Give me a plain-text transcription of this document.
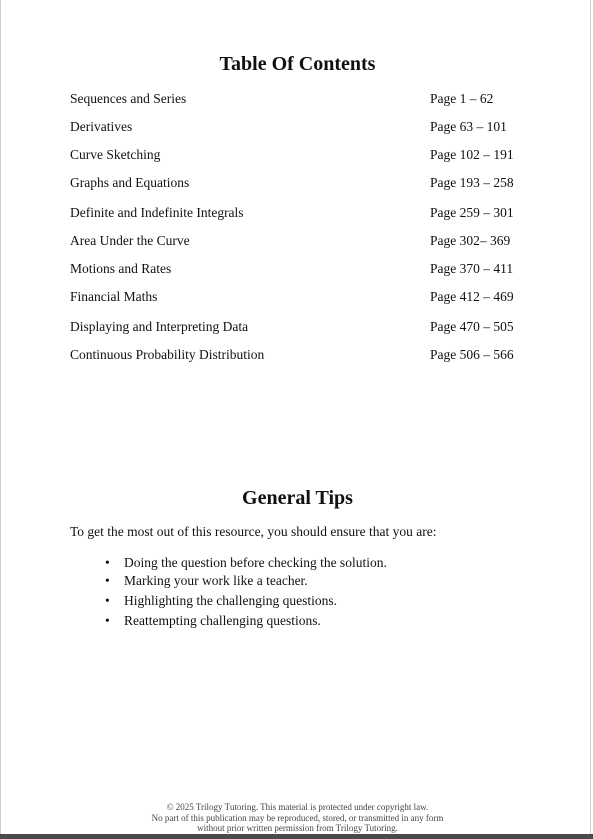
Table Of Contents
Sequences and Series	Page 1 – 62
Derivatives	Page 63 – 101
Curve Sketching	Page 102 – 191
Graphs and Equations	Page 193 – 258
Definite and Indefinite Integrals	Page 259 – 301
Area Under the Curve	Page 302– 369
Motions and Rates	Page 370 – 411
Financial Maths	Page 412 – 469
Displaying and Interpreting Data	Page 470 – 505
Continuous Probability Distribution	Page 506 – 566
General Tips
To get the most out of this resource, you should ensure that you are:
• Doing the question before checking the solution.
• Marking your work like a teacher.
• Highlighting the challenging questions.
• Reattempting challenging questions.
© 2025 Trilogy Tutoring. This material is protected under copyright law.
No part of this publication may be reproduced, stored, or transmitted in any form
without prior written permission from Trilogy Tutoring.
